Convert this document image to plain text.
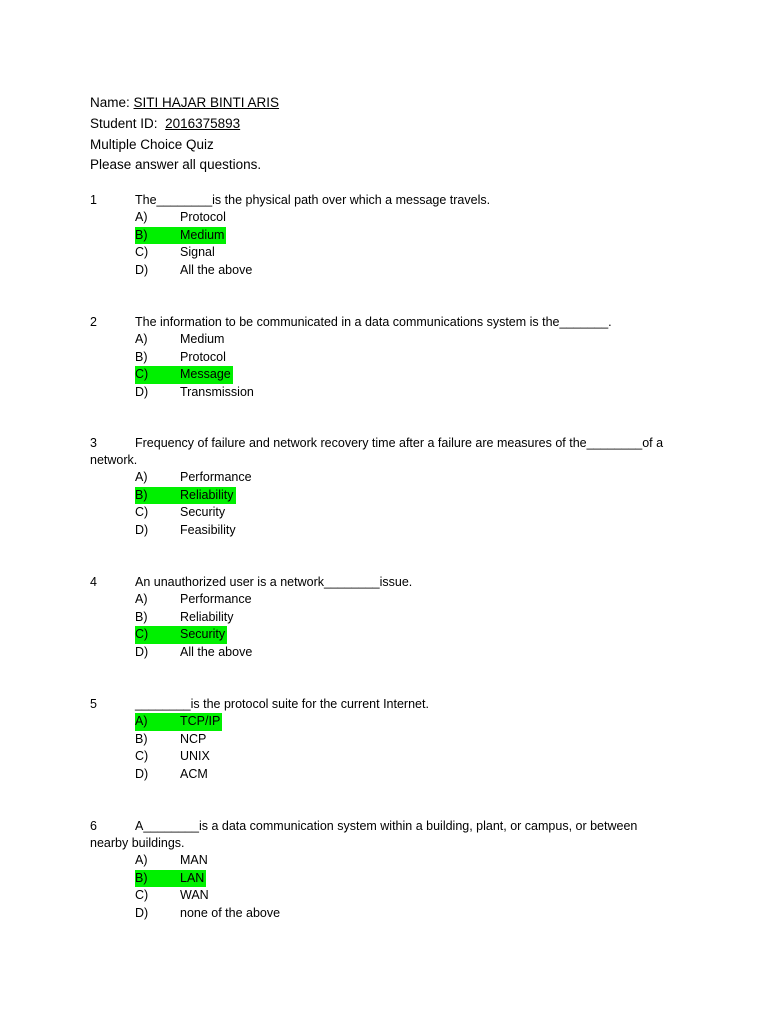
Name: SITI HAJAR BINTI ARIS
Student ID: 2016375893
Multiple Choice Quiz
Please answer all questions.
1	The________is the physical path over which a message travels.
A)	Protocol
B)	Medium
C)	Signal
D)	All the above
2	The information to be communicated in a data communications system is the_______.
A)	Medium
B)	Protocol
C)	Message
D)	Transmission
3	Frequency of failure and network recovery time after a failure are measures of the________of a
network.
A)	Performance
B)	Reliability
C)	Security
D)	Feasibility
4	An unauthorized user is a network________issue.
A)	Performance
B)	Reliability
C)	Security
D)	All the above
5	________is the protocol suite for the current Internet.
A)	TCP/IP
B)	NCP
C)	UNIX
D)	ACM
6	A________is a data communication system within a building, plant, or campus, or between
nearby buildings.
A)	MAN
B)	LAN
C)	WAN
D)	none of the above
